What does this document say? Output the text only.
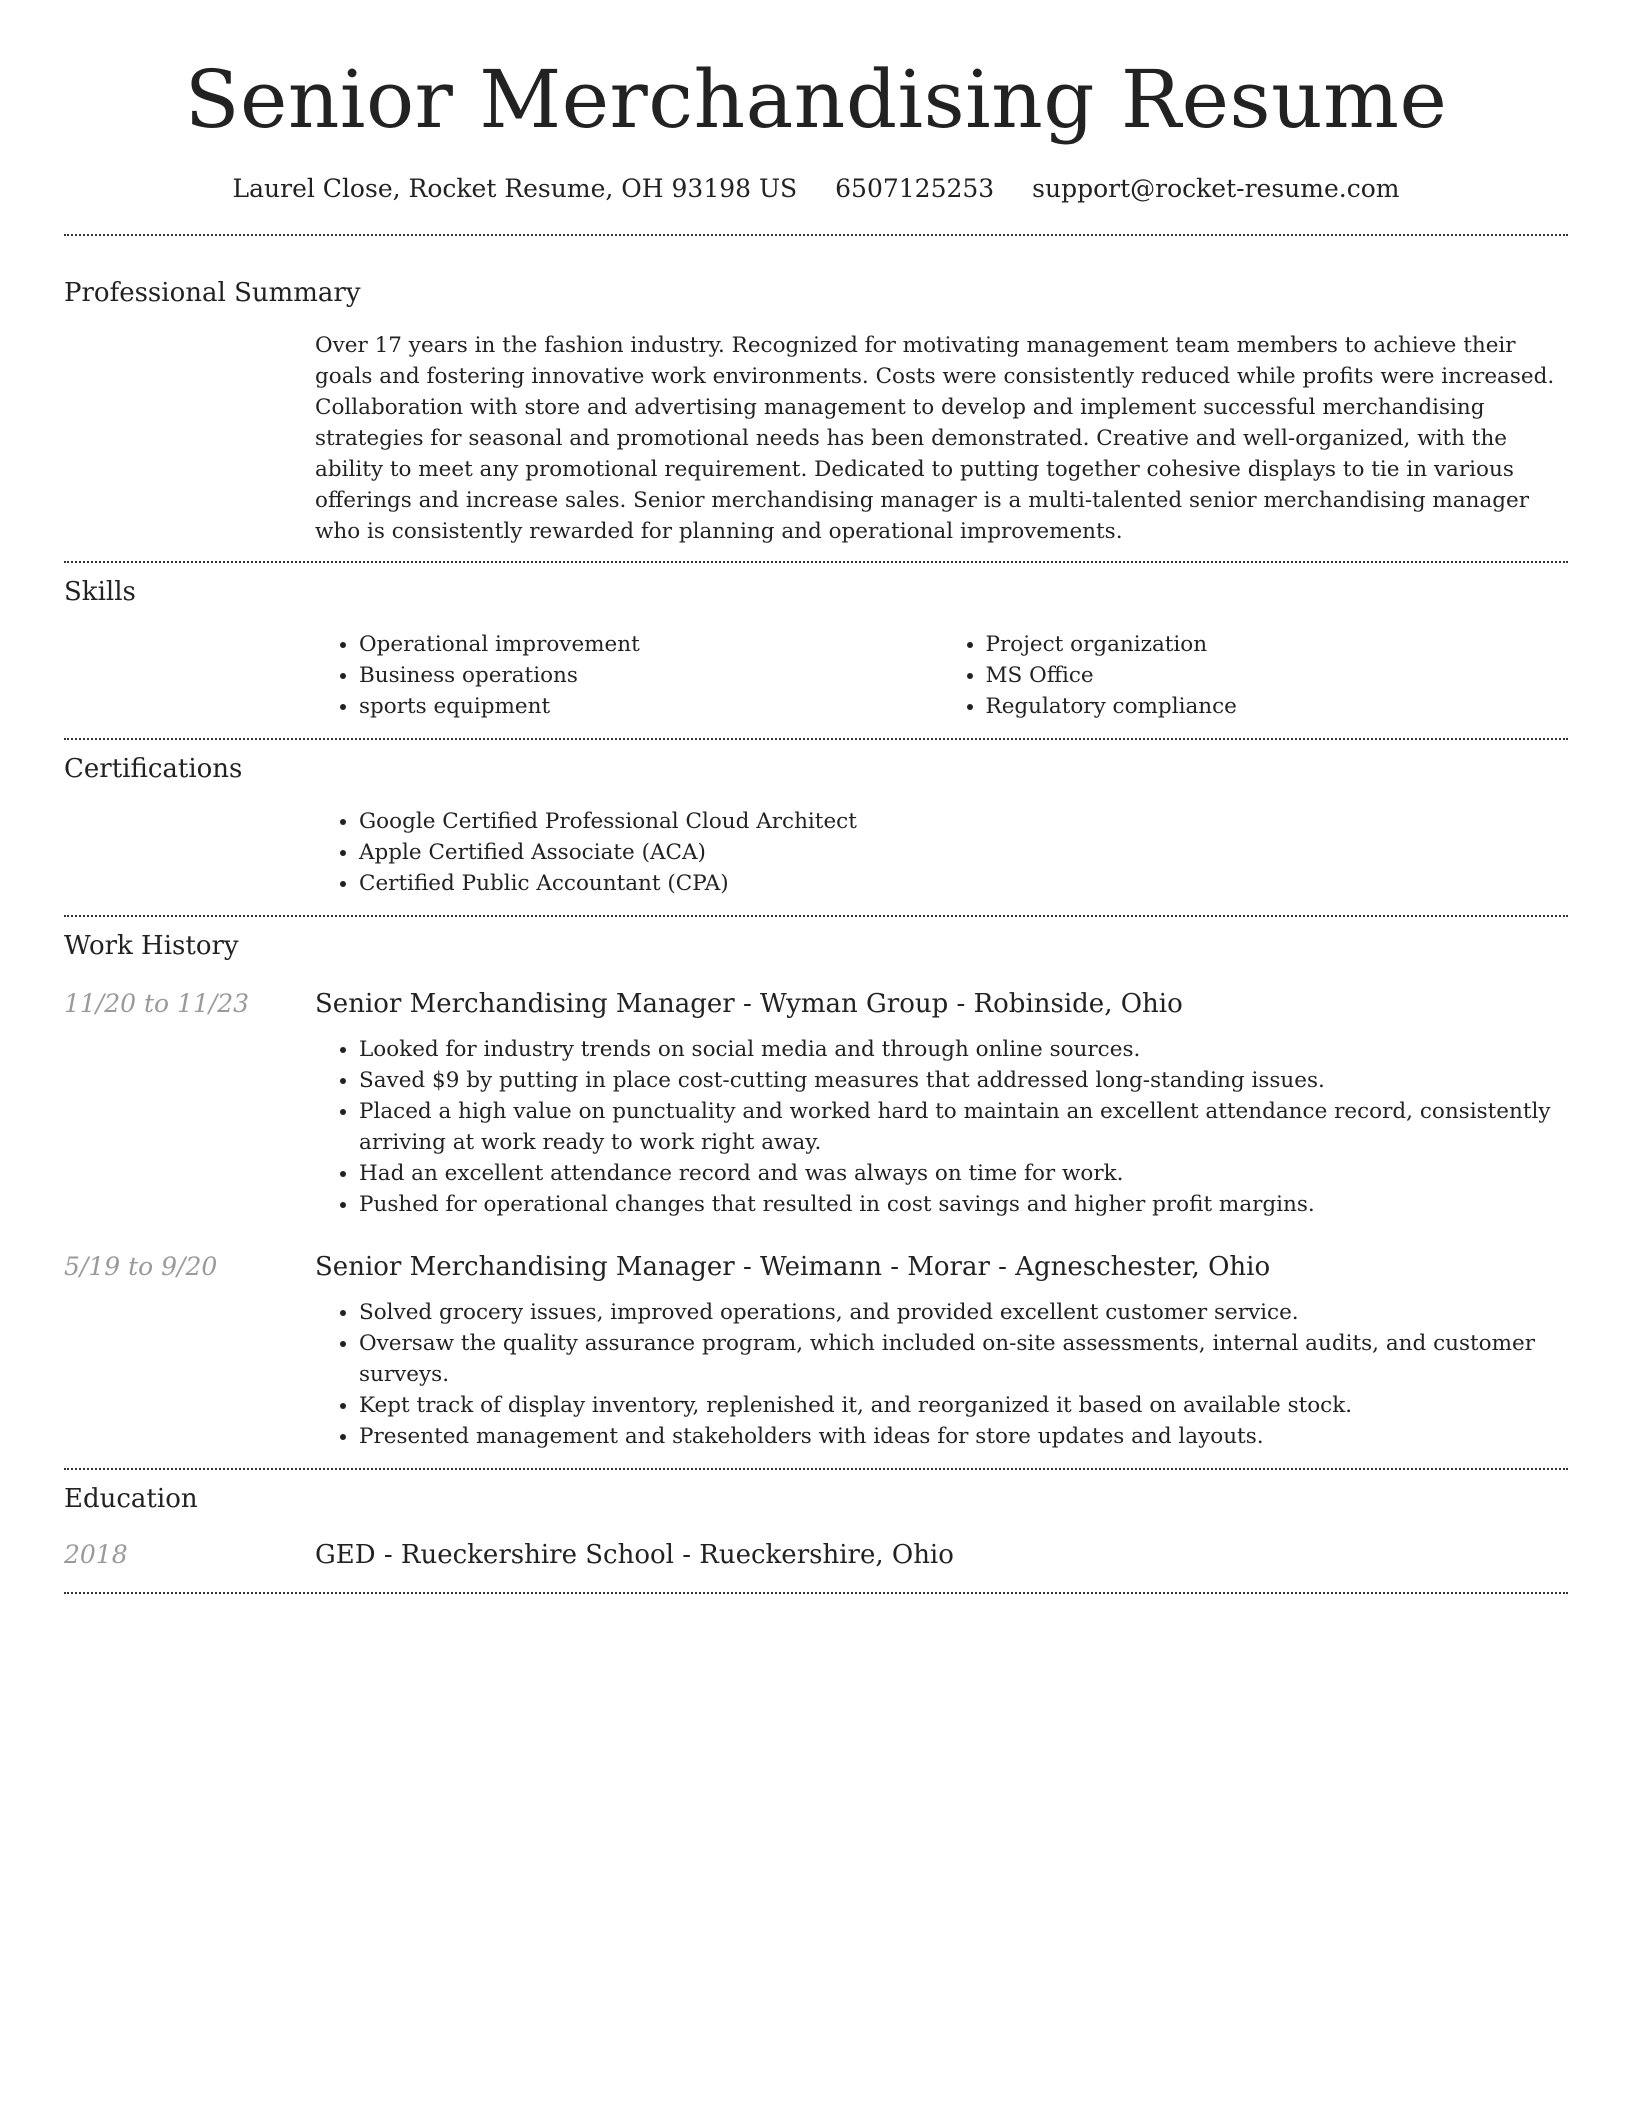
Senior Merchandising Resume
Laurel Close, Rocket Resume, OH 93198 US 6507125253 support@rocket-resume.com
Professional Summary
Over 17 years in the fashion industry. Recognized for motivating management team members to achieve their goals and fostering innovative work environments. Costs were consistently reduced while profits were increased. Collaboration with store and advertising management to develop and implement successful merchandising strategies for seasonal and promotional needs has been demonstrated. Creative and well-organized, with the ability to meet any promotional requirement. Dedicated to putting together cohesive displays to tie in various offerings and increase sales. Senior merchandising manager is a multi-talented senior merchandising manager who is consistently rewarded for planning and operational improvements.
Skills
• Operational improvement
• Business operations
• sports equipment
• Project organization
• MS Office
• Regulatory compliance
Certifications
• Google Certified Professional Cloud Architect
• Apple Certified Associate (ACA)
• Certified Public Accountant (CPA)
Work History
11/20 to 11/23	Senior Merchandising Manager - Wyman Group - Robinside, Ohio
• Looked for industry trends on social media and through online sources.
• Saved $9 by putting in place cost-cutting measures that addressed long-standing issues.
• Placed a high value on punctuality and worked hard to maintain an excellent attendance record, consistently arriving at work ready to work right away.
• Had an excellent attendance record and was always on time for work.
• Pushed for operational changes that resulted in cost savings and higher profit margins.
5/19 to 9/20	Senior Merchandising Manager - Weimann - Morar - Agneschester, Ohio
• Solved grocery issues, improved operations, and provided excellent customer service.
• Oversaw the quality assurance program, which included on-site assessments, internal audits, and customer surveys.
• Kept track of display inventory, replenished it, and reorganized it based on available stock.
• Presented management and stakeholders with ideas for store updates and layouts.
Education
2018	GED - Rueckershire School - Rueckershire, Ohio
